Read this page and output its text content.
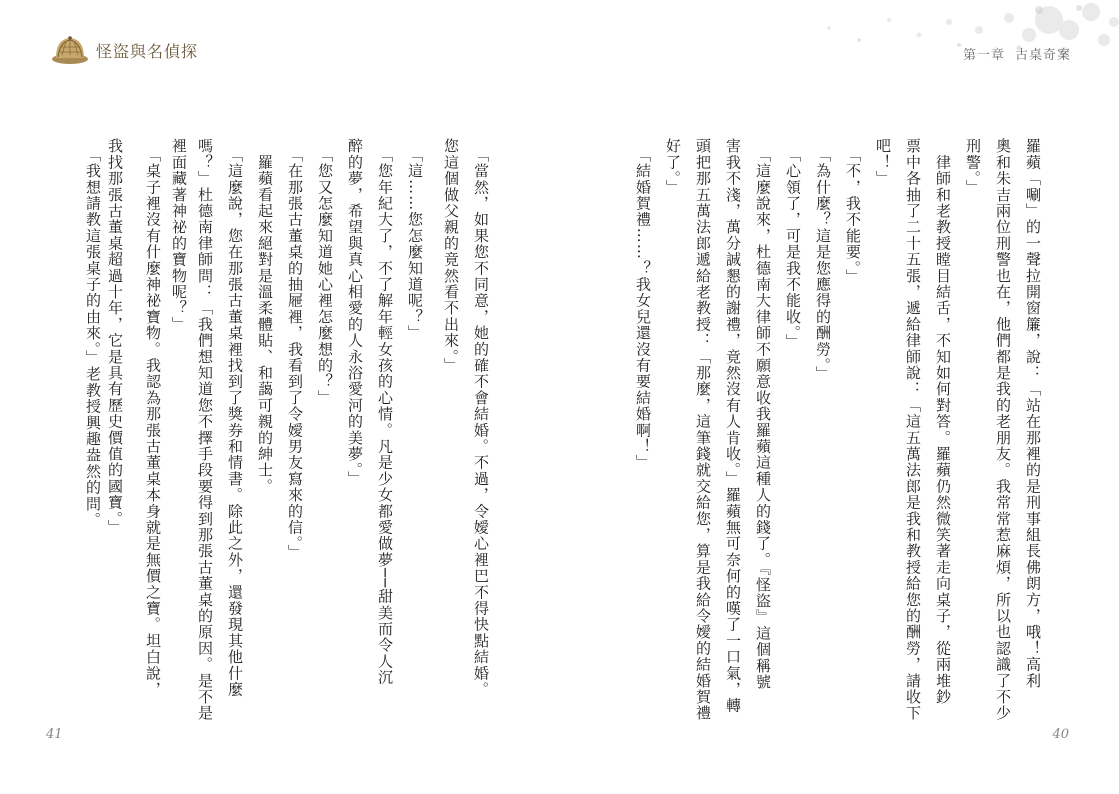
怪盜與名偵探
　「我想請教這張桌子的由來。」老教授興趣盎然的問。 我找那張古董桌超過十年，它是具有歷史價值的國寶。」 　「桌子裡沒有什麼神祕寶物。我認為那張古董桌本身就是無價之寶。坦白說， 裡面藏著神祕的寶物呢？」 嗎？」杜德南律師問：「我們想知道您不擇手段要得到那張古董桌的原因。是不是 　「這麼說，您在那張古董桌裡找到了獎券和情書。除此之外，還發現其他什麼 　羅蘋看起來絕對是溫柔體貼、和藹可親的紳士。 　「在那張古董桌的抽屜裡，我看到了令嬡男友寫來的信。」 　「您又怎麼知道她心裡怎麼想的？」 醉的夢，希望與真心相愛的人永浴愛河的美夢。」 　「您年紀大了，不了解年輕女孩的心情。凡是少女都愛做夢──甜美而令人沉 　「這……您怎麼知道呢？」 您這個做父親的竟然看不出來。」 　「當然，如果您不同意，她的確不會結婚。不過，令嬡心裡巴不得快點結婚。
41
第一章 古桌奇案
　「結婚賀禮……？我女兒還沒有要結婚啊！」 好了。」 頭把那五萬法郎遞給老教授：「那麼，這筆錢就交給您，算是我給令嬡的結婚賀禮 害我不淺，萬分誠懇的謝禮，竟然沒有人肯收。」羅蘋無可奈何的嘆了一口氣，轉 　「這麼說來，杜德南大律師不願意收我羅蘋這種人的錢了。『怪盜』這個稱號 　「心領了，可是我不能收。」 　「為什麼？這是您應得的酬勞。」 　「不，我不能要。」 吧！」 票中各抽了二十五張，遞給律師說：「這五萬法郎是我和教授給您的酬勞，請收下 　律師和老教授瞠目結舌，不知如何對答。羅蘋仍然微笑著走向桌子，從兩堆鈔 刑警。」 奧和朱吉兩位刑警也在，他們都是我的老朋友。我常常惹麻煩，所以也認識了不少 羅蘋「唰」的一聲拉開窗簾，說：「站在那裡的是刑事組長佛朗方，哦！高利
40
